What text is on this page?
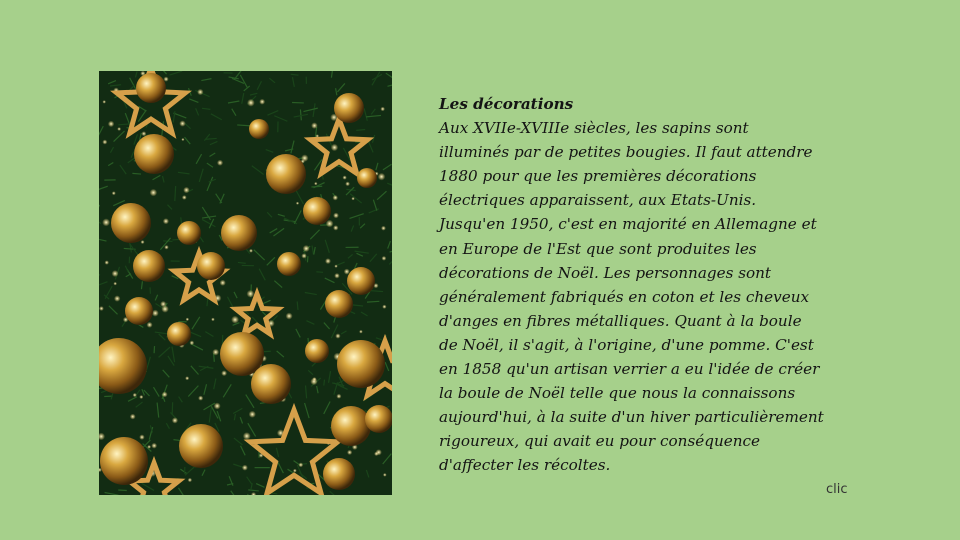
Les décorations
Aux XVIIe-XVIIIe siècles, les sapins sont
illuminés par de petites bougies. Il faut attendre
1880 pour que les premières décorations
électriques apparaissent, aux Etats-Unis.
Jusqu'en 1950, c'est en majorité en Allemagne et
en Europe de l'Est que sont produites les
décorations de Noël. Les personnages sont
généralement fabriqués en coton et les cheveux
d'anges en fibres métalliques. Quant à la boule
de Noël, il s'agit, à l'origine, d'une pomme. C'est
en 1858 qu'un artisan verrier a eu l'idée de créer
la boule de Noël telle que nous la connaissons
aujourd'hui, à la suite d'un hiver particulièrement
rigoureux, qui avait eu pour conséquence
d'affecter les récoltes.
clic
